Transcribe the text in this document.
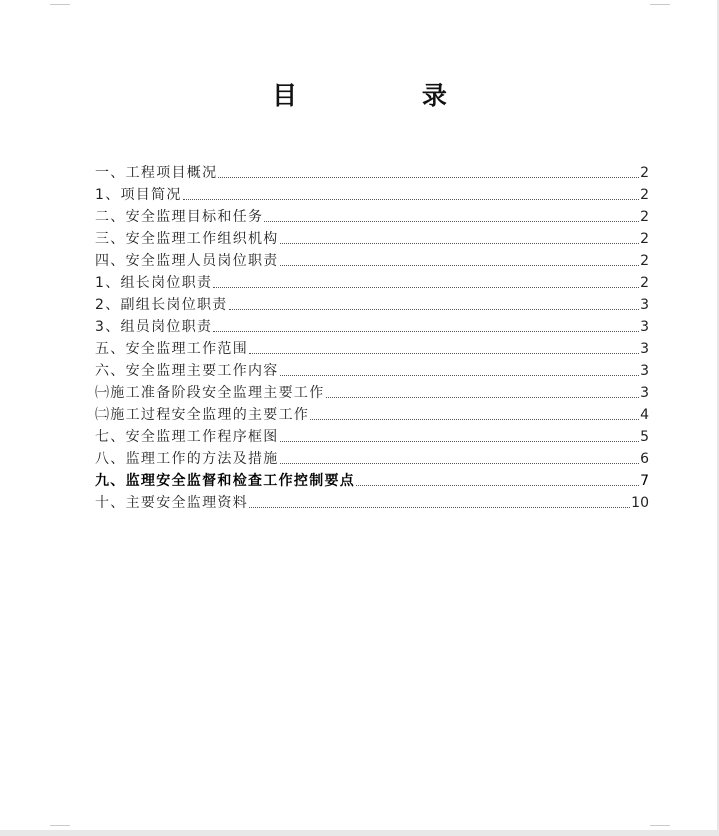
目 录
一、工程项目概况	2
1、项目简况	2
二、安全监理目标和任务	2
三、安全监理工作组织机构	2
四、安全监理人员岗位职责	2
1、组长岗位职责	2
2、副组长岗位职责	3
3、组员岗位职责	3
五、安全监理工作范围	3
六、安全监理主要工作内容	3
㈠施工准备阶段安全监理主要工作	3
㈡施工过程安全监理的主要工作	4
七、安全监理工作程序框图	5
八、监理工作的方法及措施	6
九、监理安全监督和检查工作控制要点	7
十、主要安全监理资料	10
